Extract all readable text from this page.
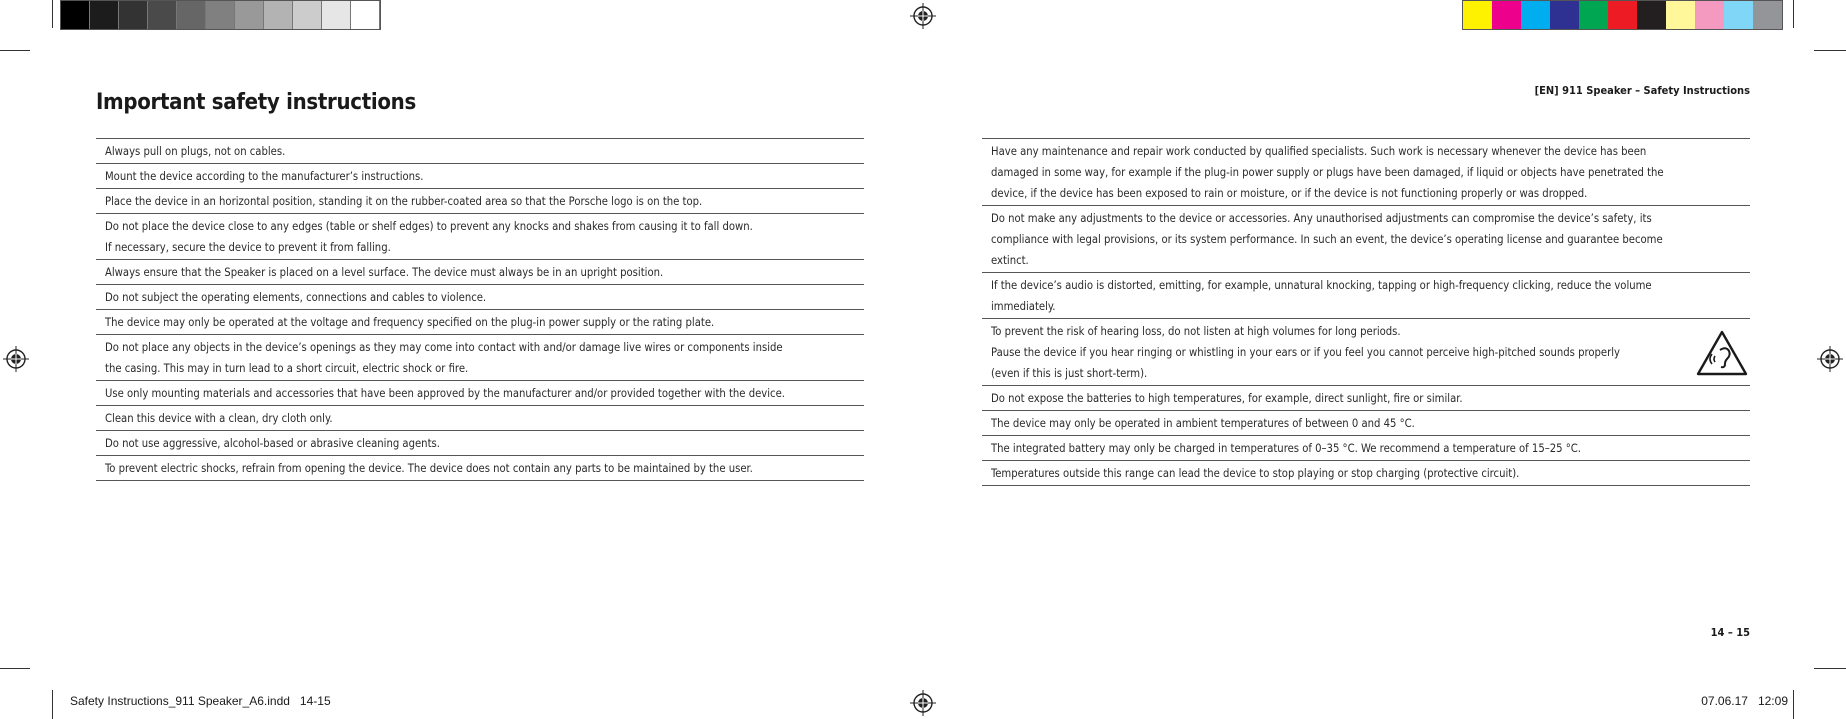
Important safety instructions	[EN] 911 Speaker – Safety Instructions
Always pull on plugs, not on cables.
Mount the device according to the manufacturer’s instructions.
Place the device in an horizontal position, standing it on the rubber-coated area so that the Porsche logo is on the top.
Do not place the device close to any edges (table or shelf edges) to prevent any knocks and shakes from causing it to fall down.
If necessary, secure the device to prevent it from falling.
Always ensure that the Speaker is placed on a level surface. The device must always be in an upright position.
Do not subject the operating elements, connections and cables to violence.
The device may only be operated at the voltage and frequency specified on the plug-in power supply or the rating plate.
Do not place any objects in the device’s openings as they may come into contact with and/or damage live wires or components inside
the casing. This may in turn lead to a short circuit, electric shock or fire.
Use only mounting materials and accessories that have been approved by the manufacturer and/or provided together with the device.
Clean this device with a clean, dry cloth only.
Do not use aggressive, alcohol-based or abrasive cleaning agents.
To prevent electric shocks, refrain from opening the device. The device does not contain any parts to be maintained by the user.
Have any maintenance and repair work conducted by qualified specialists. Such work is necessary whenever the device has been
damaged in some way, for example if the plug-in power supply or plugs have been damaged, if liquid or objects have penetrated the
device, if the device has been exposed to rain or moisture, or if the device is not functioning properly or was dropped.
Do not make any adjustments to the device or accessories. Any unauthorised adjustments can compromise the device’s safety, its
compliance with legal provisions, or its system performance. In such an event, the device’s operating license and guarantee become
extinct.
If the device’s audio is distorted, emitting, for example, unnatural knocking, tapping or high-frequency clicking, reduce the volume
immediately.
To prevent the risk of hearing loss, do not listen at high volumes for long periods.
Pause the device if you hear ringing or whistling in your ears or if you feel you cannot perceive high-pitched sounds properly
(even if this is just short-term).
Do not expose the batteries to high temperatures, for example, direct sunlight, fire or similar.
The device may only be operated in ambient temperatures of between 0 and 45 °C.
The integrated battery may only be charged in temperatures of 0–35 °C. We recommend a temperature of 15–25 °C.
Temperatures outside this range can lead the device to stop playing or stop charging (protective circuit).
14 – 15
Safety Instructions_911 Speaker_A6.indd   14-15	07.06.17   12:09
